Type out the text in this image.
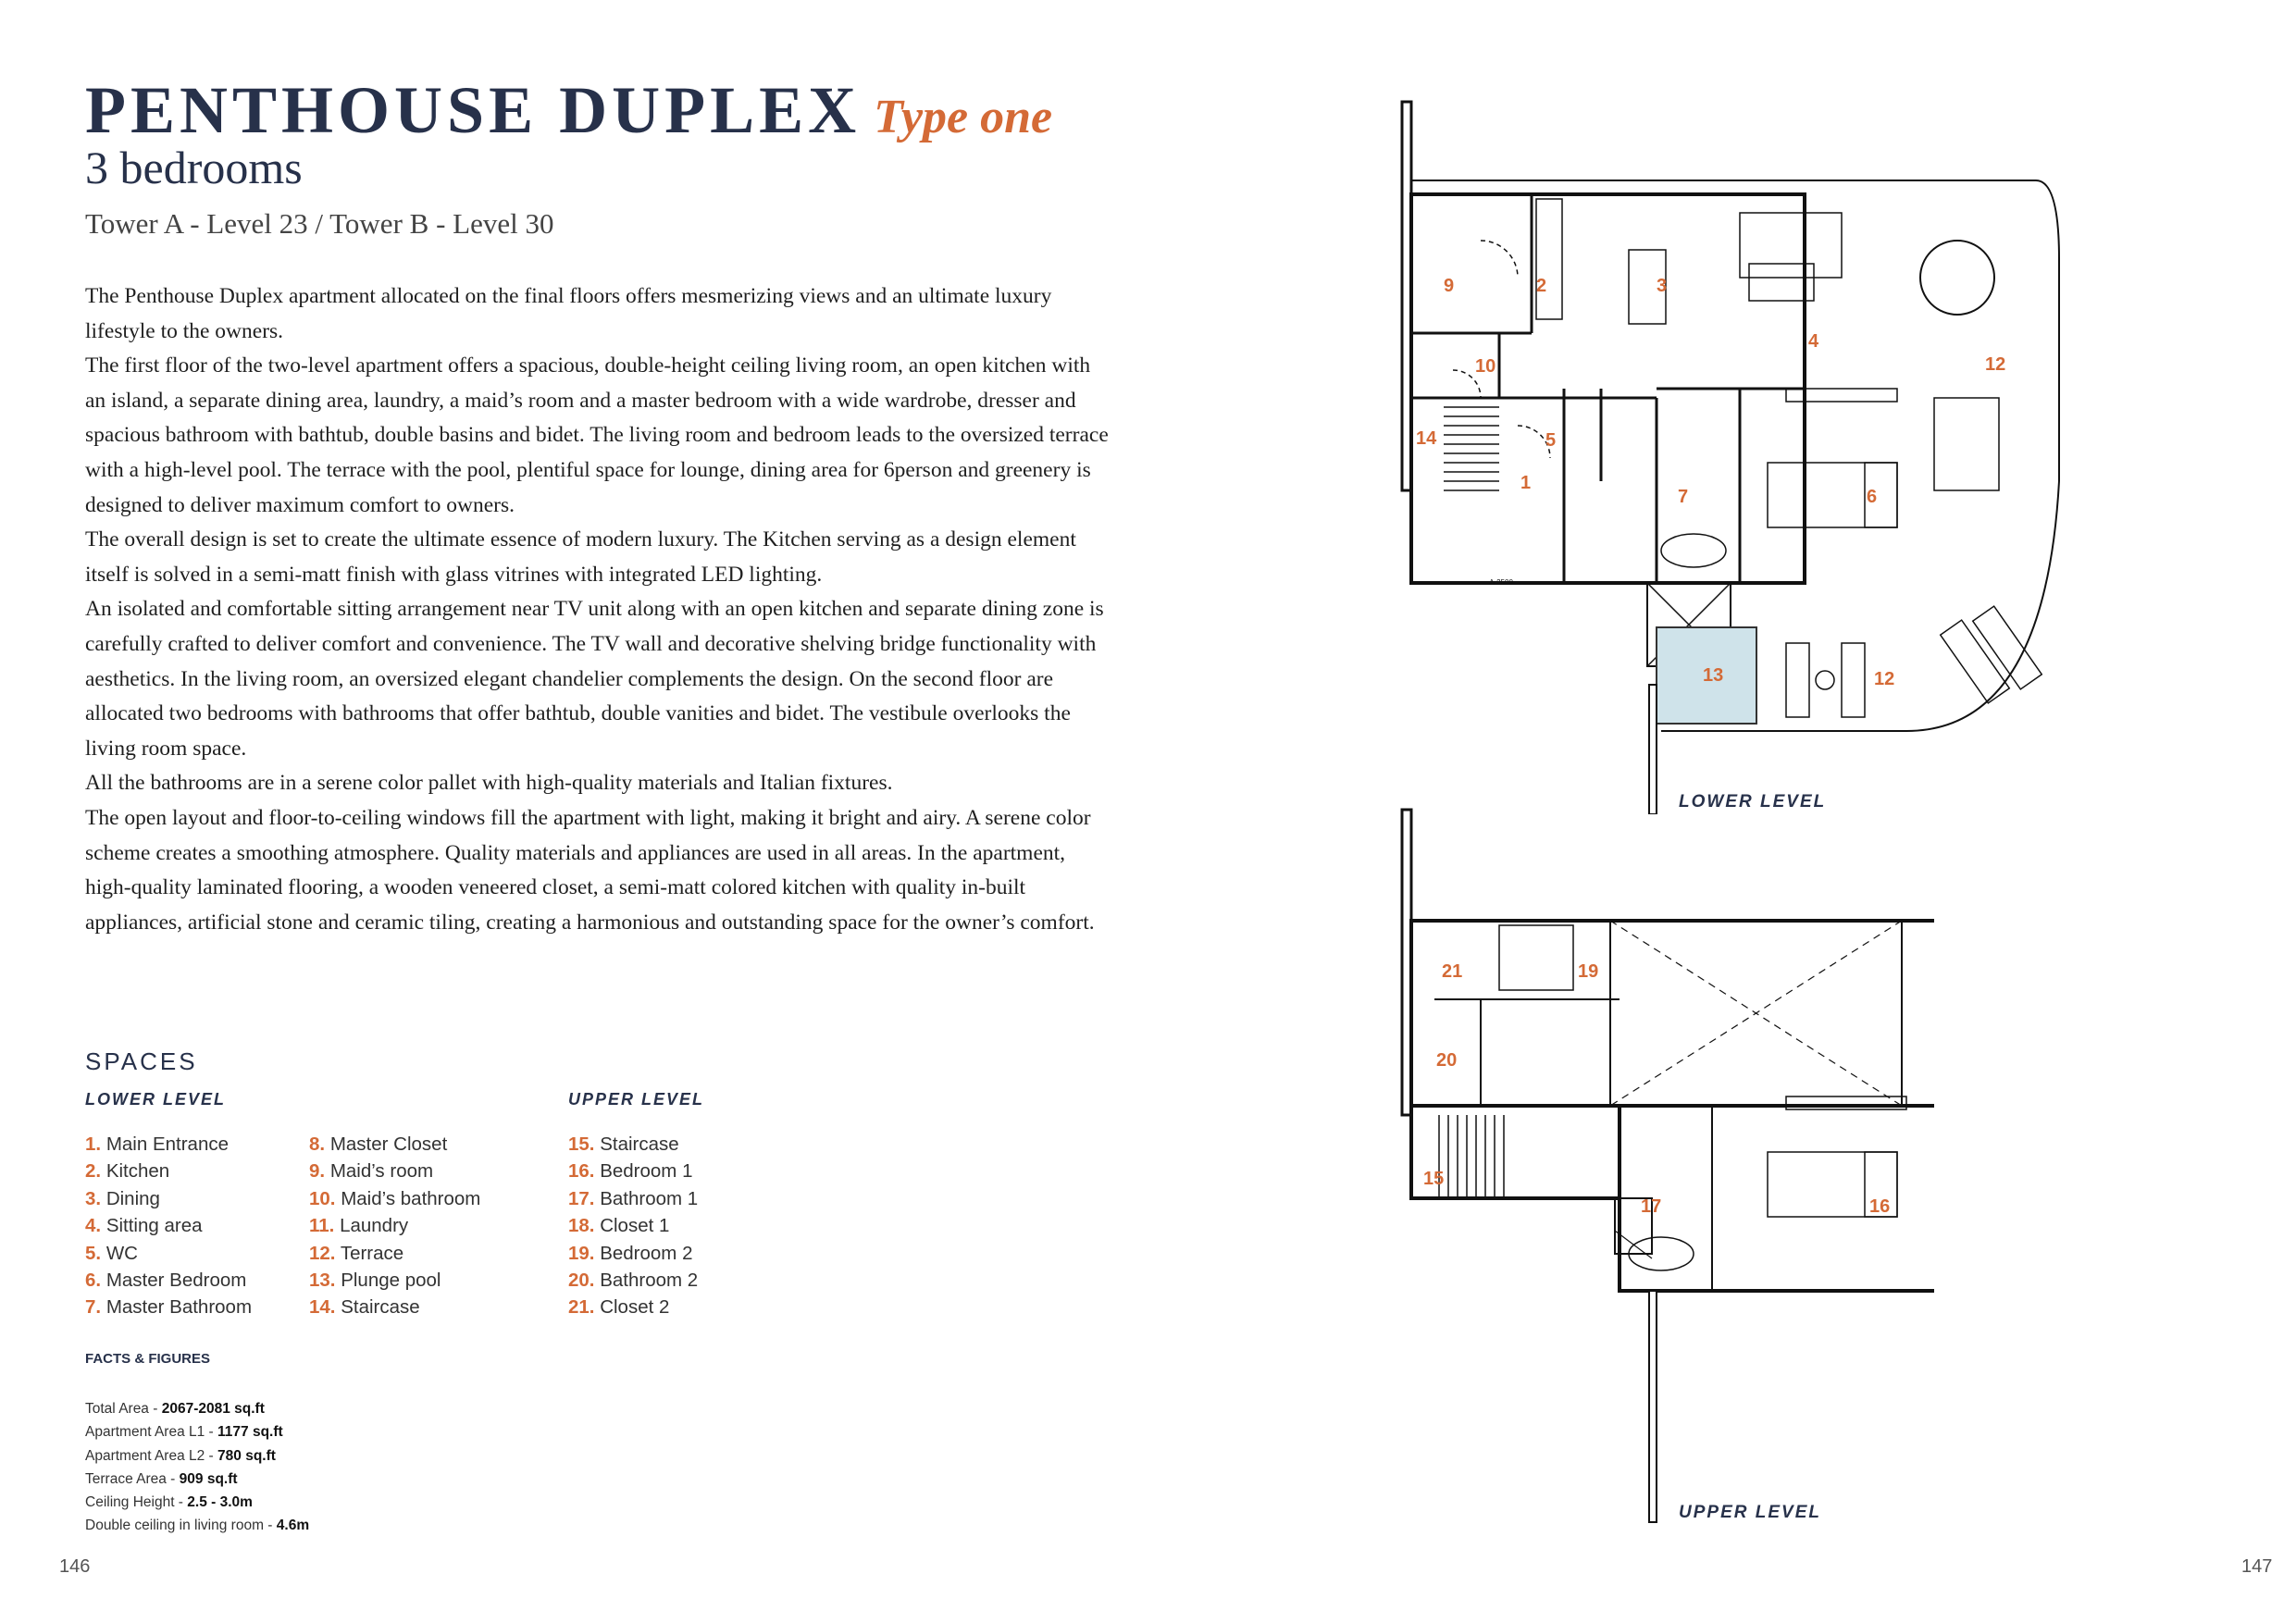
PENTHOUSE DUPLEX Type one
3 bedrooms
Tower A - Level 23 / Tower B - Level 30

The Penthouse Duplex apartment allocated on the final floors offers mesmerizing views and an ultimate luxury lifestyle to the owners.

The first floor of the two-level apartment offers a spacious, double-height ceiling living room, an open kitchen with an island, a separate dining area, laundry, a maid’s room and a master bedroom with a wide wardrobe, dresser and spacious bathroom with bathtub, double basins and bidet. The living room and bedroom leads to the oversized terrace with a high-level pool. The terrace with the pool, plentiful space for lounge, dining area for 6person and greenery is designed to deliver maximum comfort to owners.

The overall design is set to create the ultimate essence of modern luxury. The Kitchen serving as a design element itself is solved in a semi-matt finish with glass vitrines with integrated LED lighting.

An isolated and comfortable sitting arrangement near TV unit along with an open kitchen and separate dining zone is carefully crafted to deliver comfort and convenience. The TV wall and decorative shelving bridge functionality with aesthetics. In the living room, an oversized elegant chandelier complements the design. On the second floor are allocated two bedrooms with bathrooms that offer bathtub, double vanities and bidet. The vestibule overlooks the living room space.

All the bathrooms are in a serene color pallet with high-quality materials and Italian fixtures.

The open layout and floor-to-ceiling windows fill the apartment with light, making it bright and airy. A serene color scheme creates a smoothing atmosphere. Quality materials and appliances are used in all areas. In the apartment, high-quality laminated flooring, a wooden veneered closet, a semi-matt colored kitchen with quality in-built appliances, artificial stone and ceramic tiling, creating a harmonious and outstanding space for the owner’s comfort.

SPACES
LOWER LEVEL	UPPER LEVEL
1. Main Entrance
2. Kitchen
3. Dining
4. Sitting area
5. WC
6. Master Bedroom
7. Master Bathroom
8. Master Closet
9. Maid’s room
10. Maid’s bathroom
11. Laundry
12. Terrace
13. Plunge pool
14. Staircase
15. Staircase
16. Bedroom 1
17. Bathroom 1
18. Closet 1
19. Bedroom 2
20. Bathroom 2
21. Closet 2
FACTS & FIGURES
Total Area - 2067-2081 sq.ft
Apartment Area L1 - 1177 sq.ft
Apartment Area L2 - 780 sq.ft
Terrace Area - 909 sq.ft
Ceiling Height - 2.5 - 3.0m
Double ceiling in living room - 4.6m
146	147
A-2500
1
2	3
4
5
6
7
9
10	12
12
13
14
LOWER LEVEL
15
16
17
19
20
21
UPPER LEVEL
